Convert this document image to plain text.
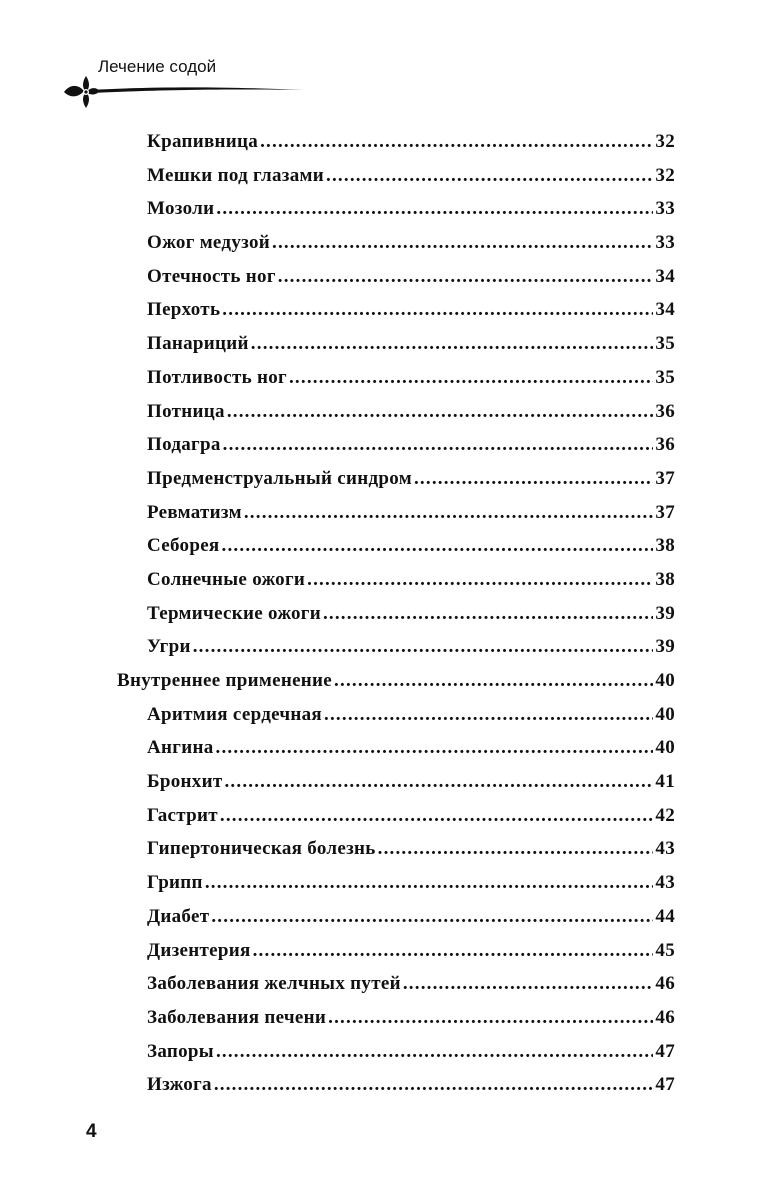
Лечение содой
Крапивница .....	32
Мешки под глазами .....	32
Мозоли .....	33
Ожог медузой .....	33
Отечность ног .....	34
Перхоть .....	34
Панариций .....	35
Потливость ног .....	35
Потница .....	36
Подагра .....	36
Предменструальный синдром .....	37
Ревматизм .....	37
Себорея .....	38
Солнечные ожоги .....	38
Термические ожоги .....	39
Угри .....	39
Внутреннее применение .....	40
Аритмия сердечная .....	40
Ангина .....	40
Бронхит .....	41
Гастрит .....	42
Гипертоническая болезнь .....	43
Грипп .....	43
Диабет .....	44
Дизентерия .....	45
Заболевания желчных путей .....	46
Заболевания печени .....	46
Запоры .....	47
Изжога .....	47
4
